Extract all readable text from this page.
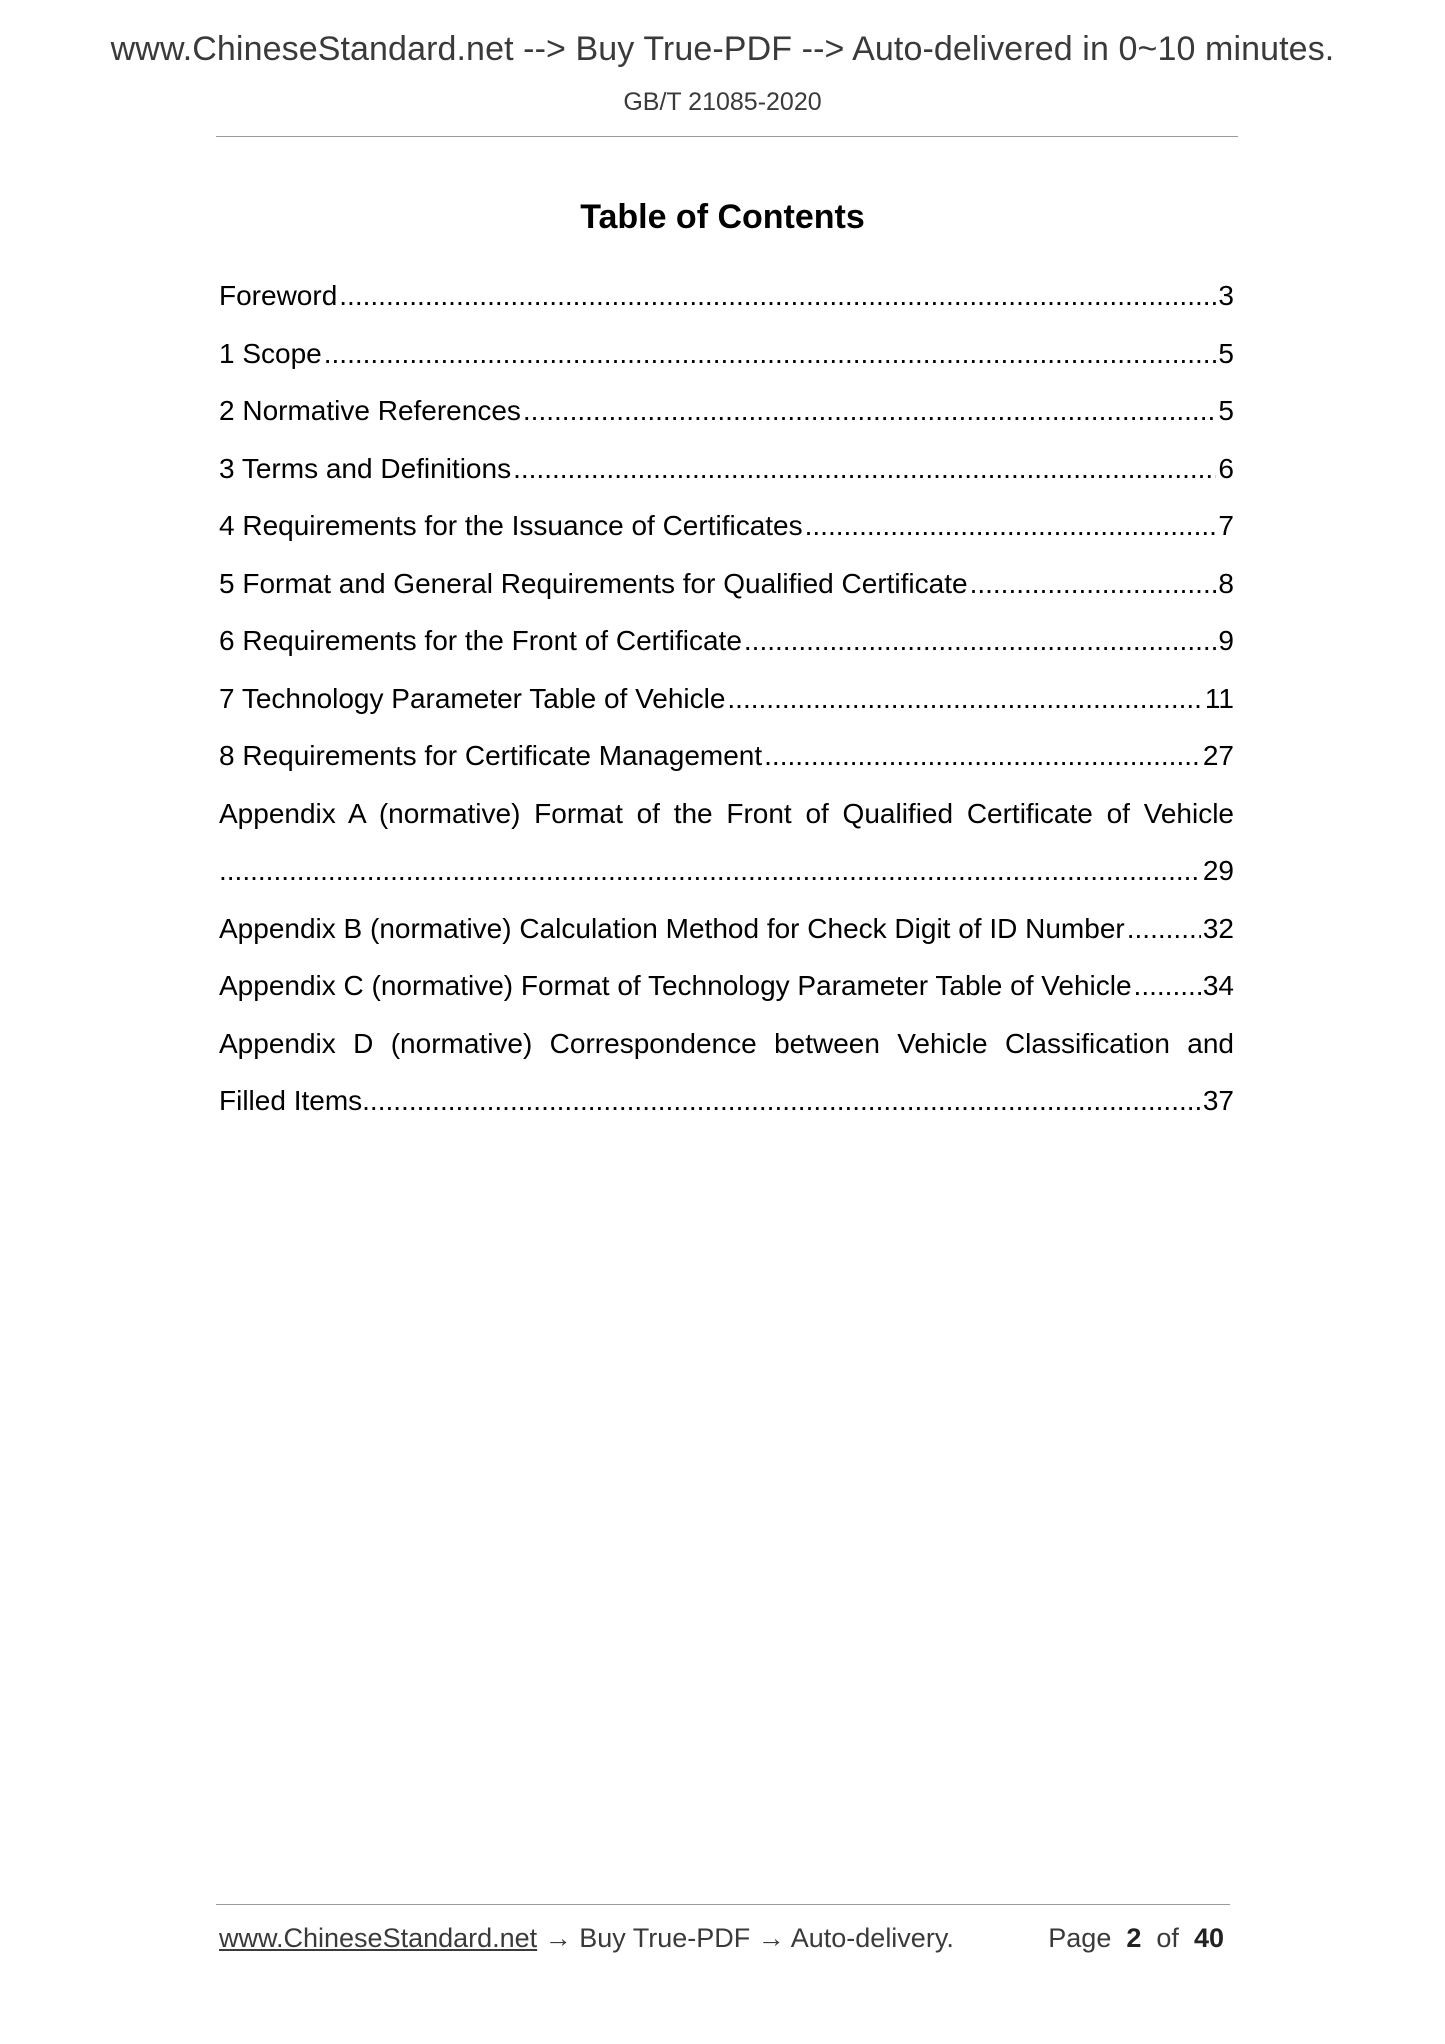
www.ChineseStandard.net --> Buy True-PDF --> Auto-delivered in 0~10 minutes.
GB/T 21085-2020
Table of Contents
Foreword
.....	3
1 Scope
.....	5
2 Normative References
.....	5
3 Terms and Definitions
.....	6
4 Requirements for the Issuance of Certificates
.....	7
5 Format and General Requirements for Qualified Certificate
.....	8
6 Requirements for the Front of Certificate
.....	9
7 Technology Parameter Table of Vehicle
.....	11
8 Requirements for Certificate Management
.....	27
Appendix A (normative) Format of the Front of Qualified Certificate of Vehicle
.....
29
Appendix B (normative) Calculation Method for Check Digit of ID Number
.....	32
Appendix C (normative) Format of Technology Parameter Table of Vehicle
.....	34
Appendix D (normative) Correspondence between Vehicle Classification and
Filled Items
.....	37
www.ChineseStandard.net → Buy True-PDF → Auto-delivery.	Page 2 of 40
